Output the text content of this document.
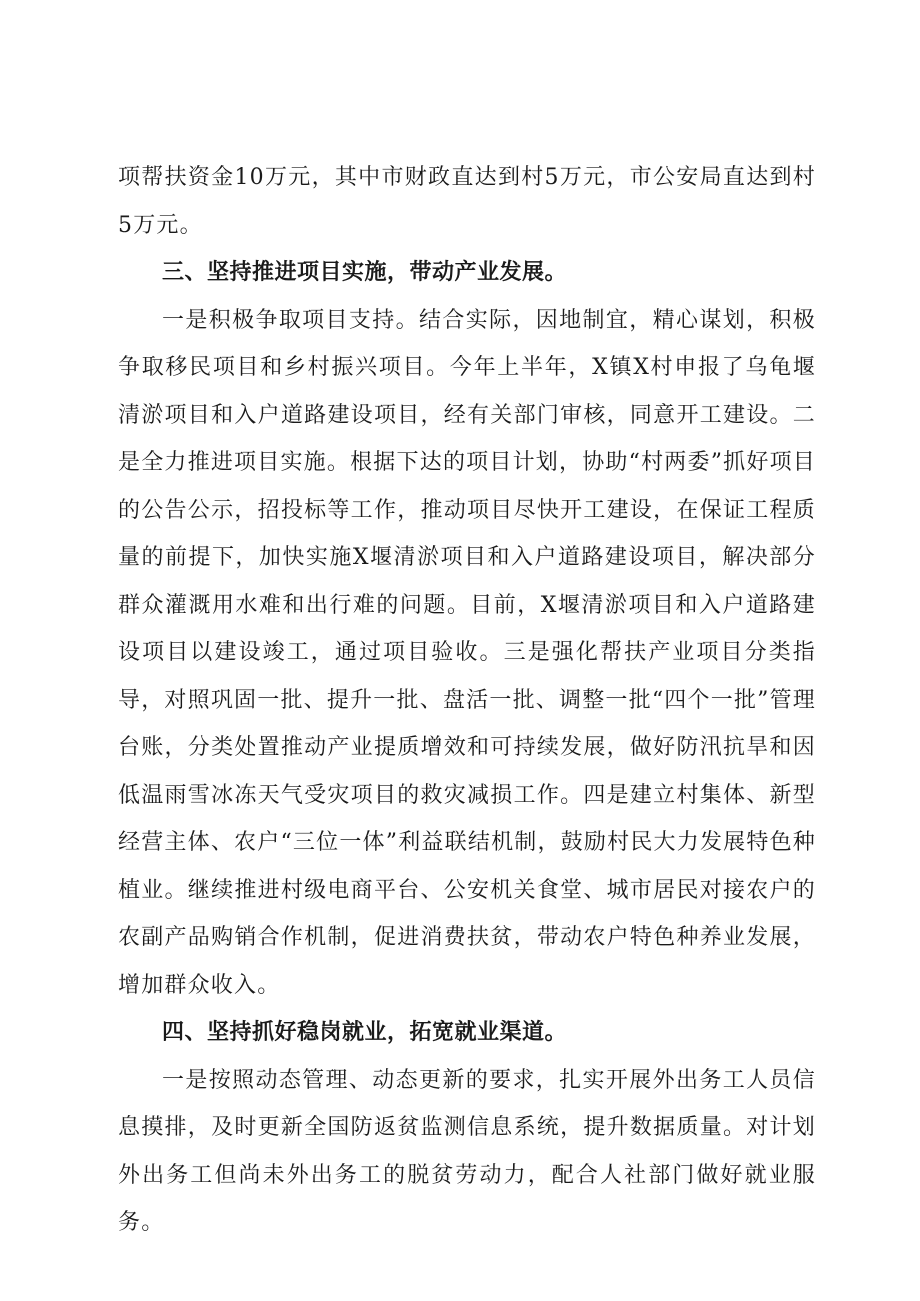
项帮扶资金10万元，其中市财政直达到村5万元，市公安局直达到村5万元。

三、坚持推进项目实施，带动产业发展。

一是积极争取项目支持。结合实际，因地制宜，精心谋划，积极争取移民项目和乡村振兴项目。今年上半年，X镇X村申报了乌龟堰清淤项目和入户道路建设项目，经有关部门审核，同意开工建设。二是全力推进项目实施。根据下达的项目计划，协助“村两委”抓好项目的公告公示，招投标等工作，推动项目尽快开工建设，在保证工程质量的前提下，加快实施X堰清淤项目和入户道路建设项目，解决部分群众灌溉用水难和出行难的问题。目前，X堰清淤项目和入户道路建设项目以建设竣工，通过项目验收。三是强化帮扶产业项目分类指导，对照巩固一批、提升一批、盘活一批、调整一批“四个一批”管理台账，分类处置推动产业提质增效和可持续发展，做好防汛抗旱和因低温雨雪冰冻天气受灾项目的救灾减损工作。四是建立村集体、新型经营主体、农户“三位一体”利益联结机制，鼓励村民大力发展特色种植业。继续推进村级电商平台、公安机关食堂、城市居民对接农户的农副产品购销合作机制，促进消费扶贫，带动农户特色种养业发展，增加群众收入。

四、坚持抓好稳岗就业，拓宽就业渠道。

一是按照动态管理、动态更新的要求，扎实开展外出务工人员信息摸排，及时更新全国防返贫监测信息系统，提升数据质量。对计划外出务工但尚未外出务工的脱贫劳动力，配合人社部门做好就业服务。
